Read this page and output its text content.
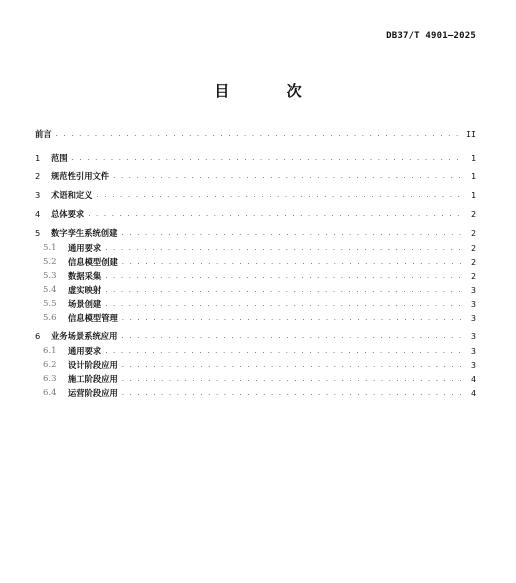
DB37/T 4901—2025
目 次
前言 . . .	II
1	范围 . . .	1
2	规范性引用文件 . . .	1
3	术语和定义 . . .	1
4	总体要求 . . .	2
5	数字孪生系统创建 . . .	2
5.1	通用要求 . . .	2
5.2	信息模型创建 . . .	2
5.3	数据采集 . . .	2
5.4	虚实映射 . . .	3
5.5	场景创建 . . .	3
5.6	信息模型管理 . . .	3
6	业务场景系统应用 . . .	3
6.1	通用要求 . . .	3
6.2	设计阶段应用 . . .	3
6.3	施工阶段应用 . . .	4
6.4	运营阶段应用 . . .	4
